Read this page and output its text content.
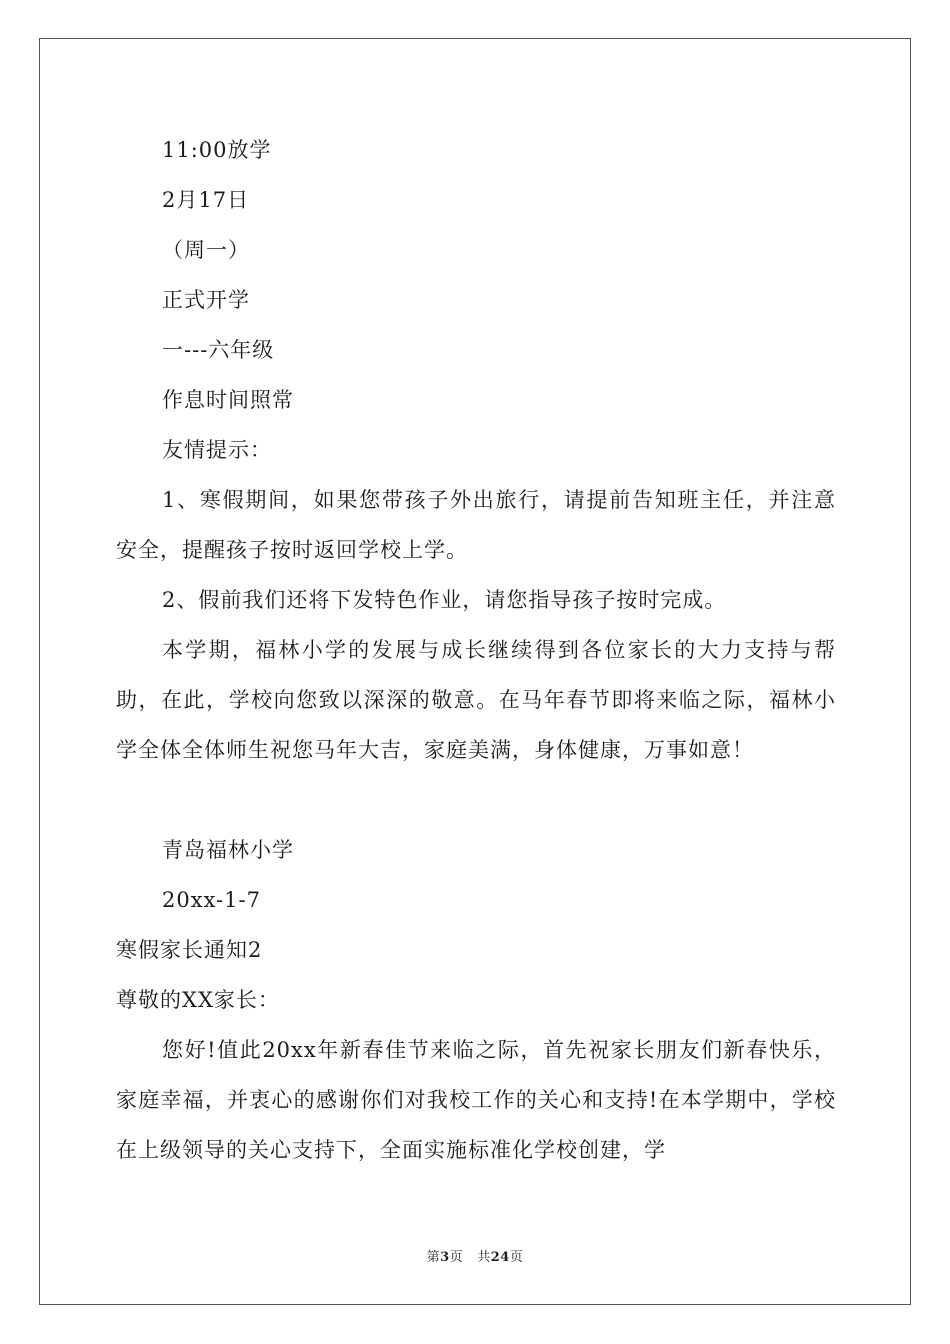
11:00放学
2月17日
（周一）
正式开学
一---六年级
作息时间照常
友情提示：
1、寒假期间，如果您带孩子外出旅行，请提前告知班主任，并注意安全，提醒孩子按时返回学校上学。
2、假前我们还将下发特色作业，请您指导孩子按时完成。
本学期，福林小学的发展与成长继续得到各位家长的大力支持与帮助，在此，学校向您致以深深的敬意。在马年春节即将来临之际，福林小学全体全体师生祝您马年大吉，家庭美满，身体健康，万事如意！
青岛福林小学
20xx-1-7
寒假家长通知2
尊敬的XX家长：
您好!值此20xx年新春佳节来临之际，首先祝家长朋友们新春快乐，家庭幸福，并衷心的感谢你们对我校工作的关心和支持!在本学期中，学校在上级领导的关心支持下，全面实施标准化学校创建，学
第3页 共24页
